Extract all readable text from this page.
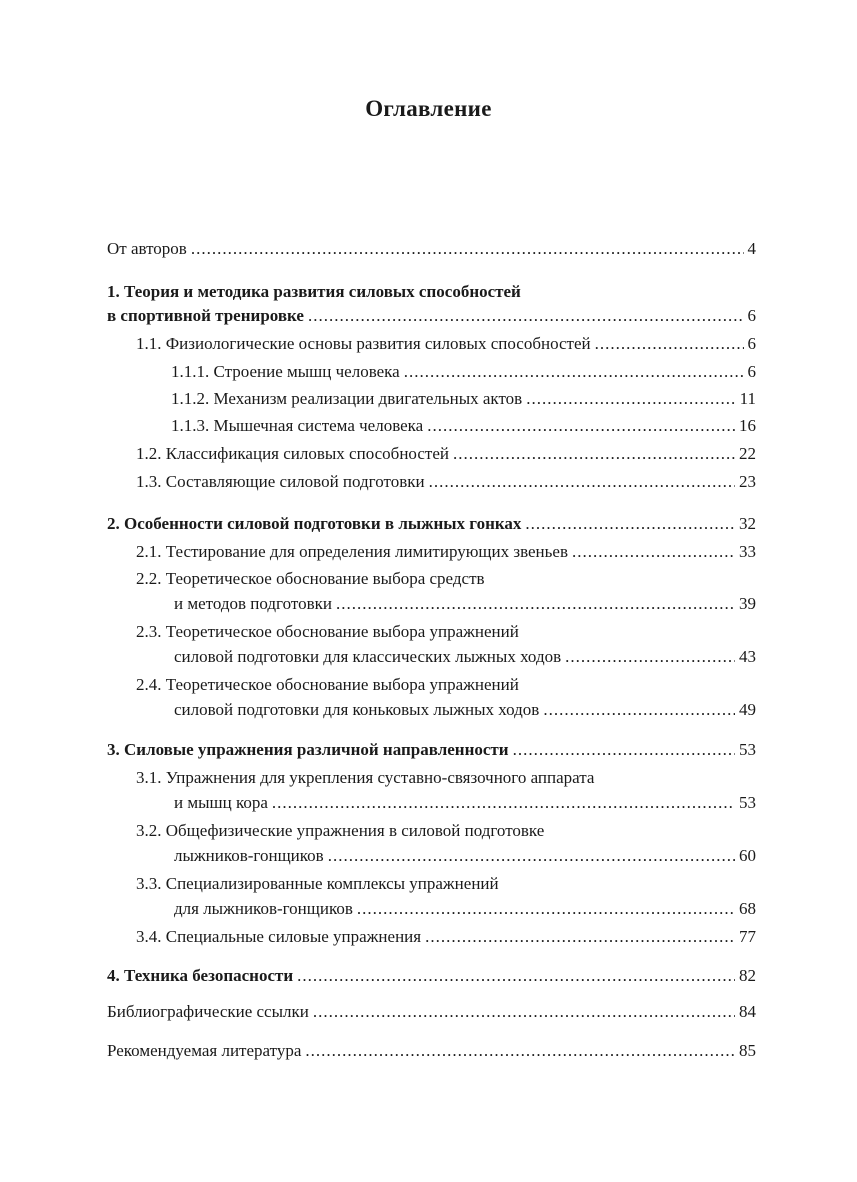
Оглавление
От авторов .....	4
1. Теория и методика развития силовых способностей
в спортивной тренировке .....	6
1.1. Физиологические основы развития силовых способностей .....	6
1.1.1. Строение мышц человека .....	6
1.1.2. Механизм реализации двигательных актов .....	11
1.1.3. Мышечная система человека .....	16
1.2. Классификация силовых способностей .....	22
1.3. Составляющие силовой подготовки .....	23
2. Особенности силовой подготовки в лыжных гонках .....	32
2.1. Тестирование для определения лимитирующих звеньев .....	33
2.2. Теоретическое обоснование выбора средств
и методов подготовки .....	39
2.3. Теоретическое обоснование выбора упражнений
силовой подготовки для классических лыжных ходов .....	43
2.4. Теоретическое обоснование выбора упражнений
силовой подготовки для коньковых лыжных ходов .....	49
3. Силовые упражнения различной направленности .....	53
3.1. Упражнения для укрепления суставно-связочного аппарата
и мышц кора .....	53
3.2. Общефизические упражнения в силовой подготовке
лыжников-гонщиков .....	60
3.3. Специализированные комплексы упражнений
для лыжников-гонщиков .....	68
3.4. Специальные силовые упражнения .....	77
4. Техника безопасности .....	82
Библиографические ссылки .....	84
Рекомендуемая литература .....	85
